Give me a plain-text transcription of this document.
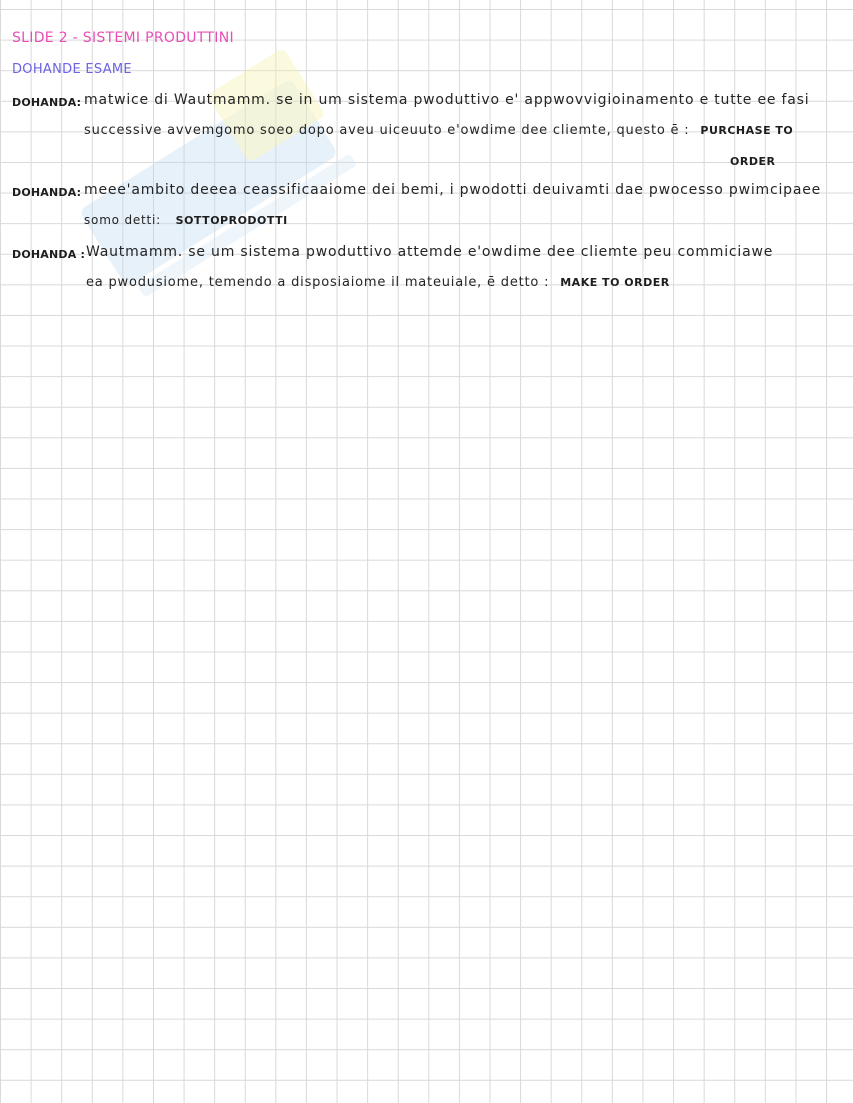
SLIDE 2 - SISTEMI PRODUTTINI
DOHANDE ESAME
DOHANDA: matwice di Wautmamm. se in um sistema pwoduttivo e' appwovvigioinamento e tutte ee fasi
successive avvemgomo soeo dopo aveu uiceuuto e'owdime dee cliemte, questo ē : PURCHASE TO
ORDER
DOHANDA: meee'ambito deeea ceassificaaiome dei bemi, i pwodotti deuivamti dae pwocesso pwimcipaee
somo detti: SOTTOPRODOTTI
DOHANDA : Wautmamm. se um sistema pwoduttivo attemde e'owdime dee cliemte peu commiciawe
ea pwodusiome, temendo a disposiaiome il mateuiale, ē detto : MAKE TO ORDER
